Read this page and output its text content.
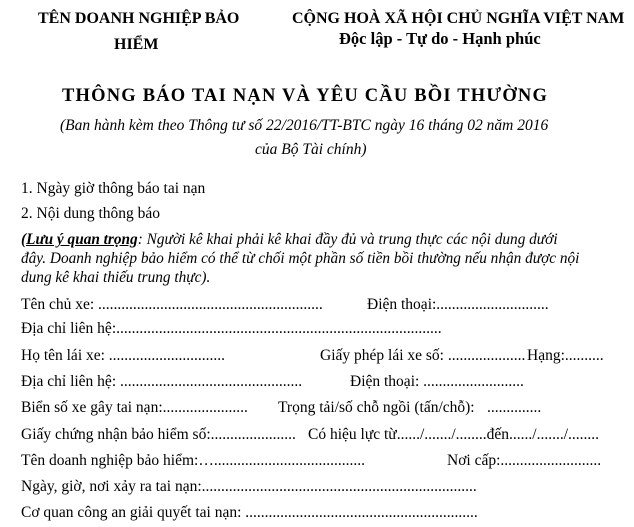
TÊN DOANH NGHIỆP BẢO
HIỂM
CỘNG HOÀ XÃ HỘI CHỦ NGHĨA VIỆT NAM
Độc lập - Tự do - Hạnh phúc
THÔNG BÁO TAI NẠN VÀ YÊU CẦU BỒI THƯỜNG
(Ban hành kèm theo Thông tư số 22/2016/TT-BTC ngày 16 tháng 02 năm 2016
của Bộ Tài chính)
1. Ngày giờ thông báo tai nạn
2. Nội dung thông báo
(Lưu ý quan trọng: Người kê khai phải kê khai đầy đủ và trung thực các nội dung dưới
đây. Doanh nghiệp bảo hiểm có thể từ chối một phần số tiền bồi thường nếu nhận được nội
dung kê khai thiếu trung thực).
Tên chủ xe: ..........................................................	Điện thoại:.............................
Địa chỉ liên hệ:....................................................................................
Họ tên lái xe: ..............................	Giấy phép lái xe số: .................... Hạng:..........
Địa chỉ liên hệ: ...............................................	Điện thoại: ..........................
Biển số xe gây tai nạn:...................... Trọng tải/số chỗ ngồi (tấn/chỗ): ..............
Giấy chứng nhận bảo hiểm số:...................... Có hiệu lực từ....../......./........đến....../......./........
Tên doanh nghiệp bảo hiểm:….......................................	Nơi cấp:..........................
Ngày, giờ, nơi xảy ra tai nạn:.......................................................................
Cơ quan công an giải quyết tai nạn: ............................................................
